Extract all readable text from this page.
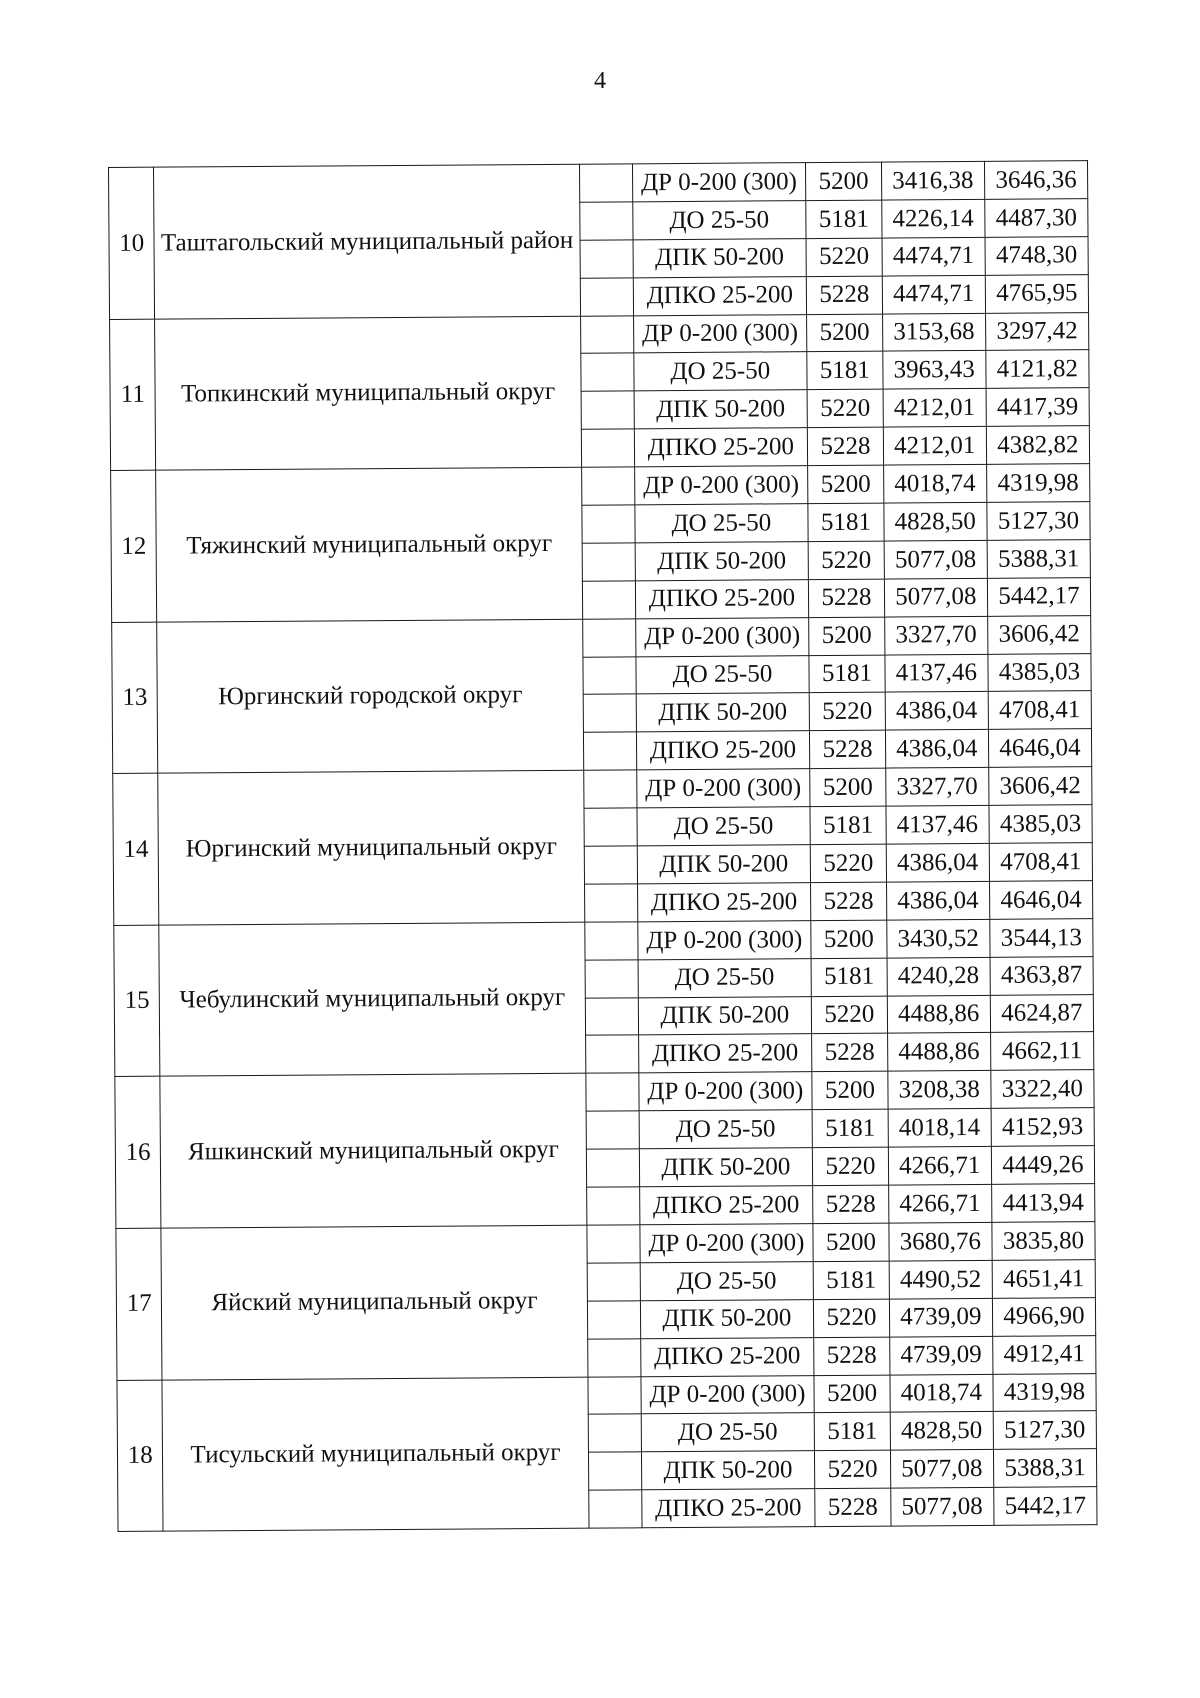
4
10	Таштагольский муниципальный район		ДР 0-200 (300)	5200	3416,38	3646,36
			ДО 25-50	5181	4226,14	4487,30
			ДПК 50-200	5220	4474,71	4748,30
			ДПКО 25-200	5228	4474,71	4765,95
11	Топкинский муниципальный округ		ДР 0-200 (300)	5200	3153,68	3297,42
			ДО 25-50	5181	3963,43	4121,82
			ДПК 50-200	5220	4212,01	4417,39
			ДПКО 25-200	5228	4212,01	4382,82
12	Тяжинский муниципальный округ		ДР 0-200 (300)	5200	4018,74	4319,98
			ДО 25-50	5181	4828,50	5127,30
			ДПК 50-200	5220	5077,08	5388,31
			ДПКО 25-200	5228	5077,08	5442,17
13	Юргинский городской округ		ДР 0-200 (300)	5200	3327,70	3606,42
			ДО 25-50	5181	4137,46	4385,03
			ДПК 50-200	5220	4386,04	4708,41
			ДПКО 25-200	5228	4386,04	4646,04
14	Юргинский муниципальный округ		ДР 0-200 (300)	5200	3327,70	3606,42
			ДО 25-50	5181	4137,46	4385,03
			ДПК 50-200	5220	4386,04	4708,41
			ДПКО 25-200	5228	4386,04	4646,04
15	Чебулинский муниципальный округ		ДР 0-200 (300)	5200	3430,52	3544,13
			ДО 25-50	5181	4240,28	4363,87
			ДПК 50-200	5220	4488,86	4624,87
			ДПКО 25-200	5228	4488,86	4662,11
16	Яшкинский муниципальный округ		ДР 0-200 (300)	5200	3208,38	3322,40
			ДО 25-50	5181	4018,14	4152,93
			ДПК 50-200	5220	4266,71	4449,26
			ДПКО 25-200	5228	4266,71	4413,94
17	Яйский муниципальный округ		ДР 0-200 (300)	5200	3680,76	3835,80
			ДО 25-50	5181	4490,52	4651,41
			ДПК 50-200	5220	4739,09	4966,90
			ДПКО 25-200	5228	4739,09	4912,41
18	Тисульский муниципальный округ		ДР 0-200 (300)	5200	4018,74	4319,98
			ДО 25-50	5181	4828,50	5127,30
			ДПК 50-200	5220	5077,08	5388,31
			ДПКО 25-200	5228	5077,08	5442,17
